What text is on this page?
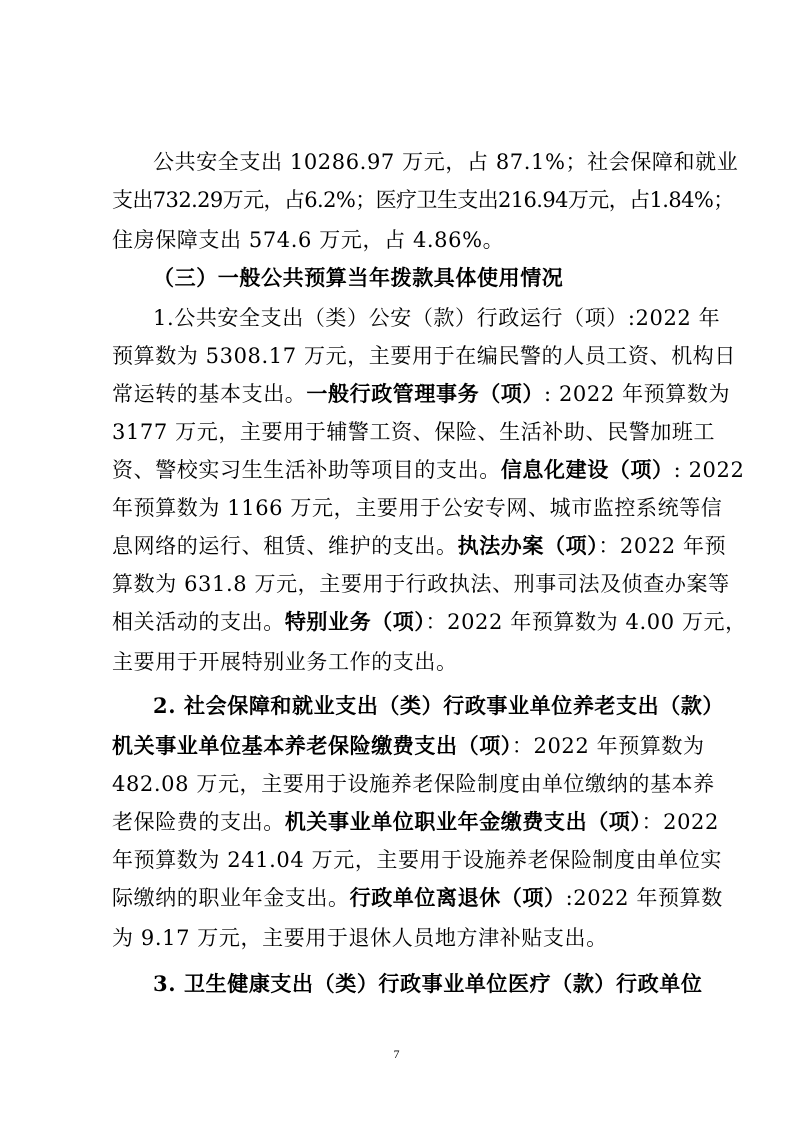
公共安全支出 10286.97 万元，占 87.1%；社会保障和就业
支出732.29万元，占6.2%；医疗卫生支出216.94万元，占1.84%；
住房保障支出 574.6 万元，占 4.86%。
（三）一般公共预算当年拨款具体使用情况
1.公共安全支出（类）公安（款）行政运行（项）:2022 年
预算数为 5308.17 万元，主要用于在编民警的人员工资、机构日
常运转的基本支出。一般行政管理事务（项）: 2022 年预算数为
3177 万元，主要用于辅警工资、保险、生活补助、民警加班工
资、警校实习生生活补助等项目的支出。信息化建设（项）: 2022
年预算数为 1166 万元，主要用于公安专网、城市监控系统等信
息网络的运行、租赁、维护的支出。执法办案（项）：2022 年预
算数为 631.8 万元，主要用于行政执法、刑事司法及侦查办案等
相关活动的支出。特别业务（项）：2022 年预算数为 4.00 万元，
主要用于开展特别业务工作的支出。
2. 社会保障和就业支出（类）行政事业单位养老支出（款）
机关事业单位基本养老保险缴费支出（项）：2022 年预算数为
482.08 万元，主要用于设施养老保险制度由单位缴纳的基本养
老保险费的支出。机关事业单位职业年金缴费支出（项）：2022
年预算数为 241.04 万元，主要用于设施养老保险制度由单位实
际缴纳的职业年金支出。行政单位离退休（项）:2022 年预算数
为 9.17 万元，主要用于退休人员地方津补贴支出。
3. 卫生健康支出（类）行政事业单位医疗（款）行政单位
7
